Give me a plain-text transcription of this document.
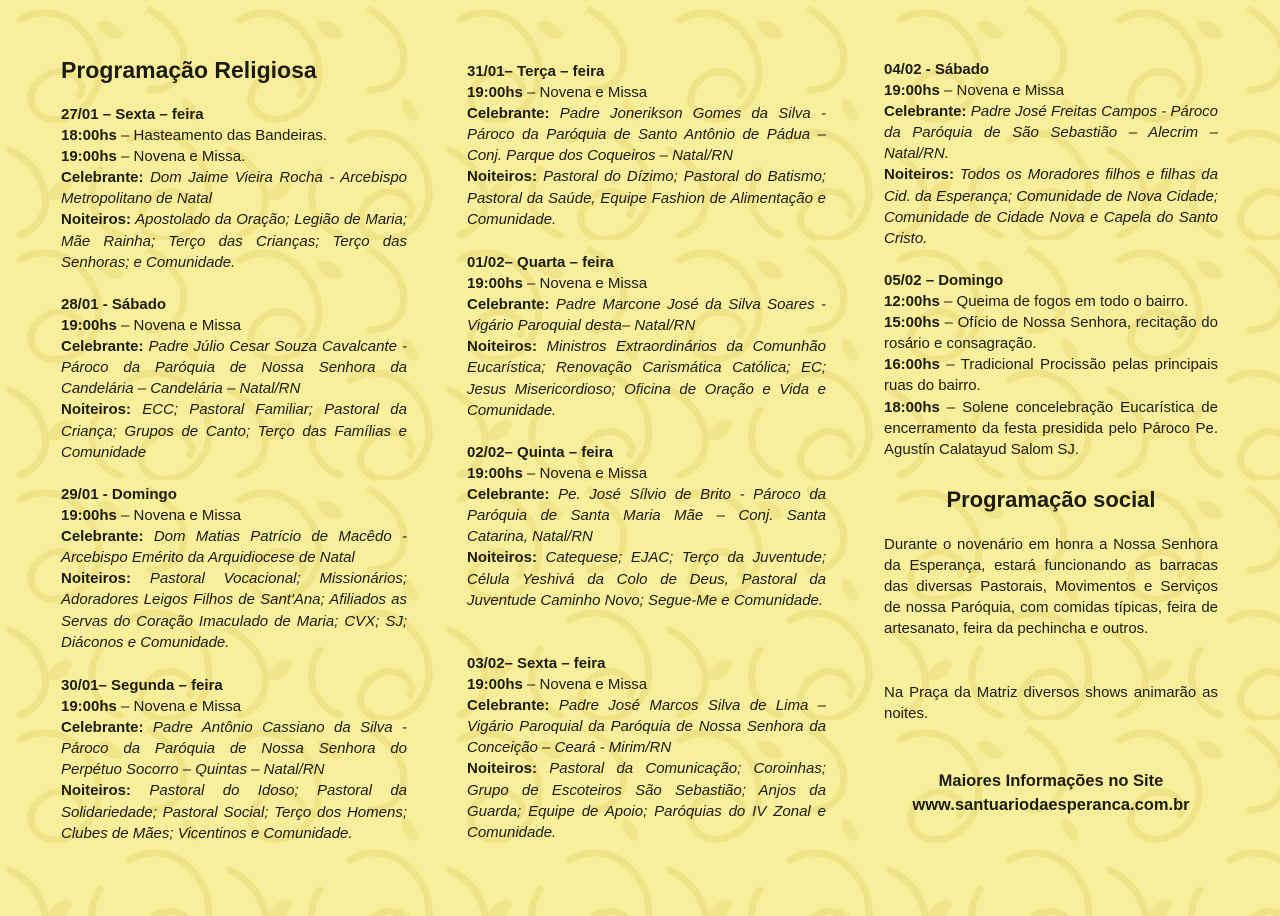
Programação Religiosa
27/01 – Sexta – feira
18:00hs – Hasteamento das Bandeiras.
19:00hs – Novena e Missa.

Celebrante: Dom Jaime Vieira Rocha - Arcebispo Metropolitano de Natal

Noiteiros: Apostolado da Oração; Legião de Maria; Mãe Rainha; Terço das Crianças; Terço das Senhoras; e Comunidade.

28/01 - Sábado
19:00hs – Novena e Missa

Celebrante: Padre Júlio Cesar Souza Cavalcante - Pároco da Paróquia de Nossa Senhora da Candelária – Candelária – Natal/RN

Noiteiros: ECC; Pastoral Familiar; Pastoral da Criança; Grupos de Canto; Terço das Famílias e Comunidade

29/01 - Domingo
19:00hs – Novena e Missa

Celebrante: Dom Matias Patrício de Macêdo - Arcebispo Emérito da Arquidiocese de Natal

Noiteiros: Pastoral Vocacional; Missionários; Adoradores Leigos Filhos de Sant'Ana; Afiliados as Servas do Coração Imaculado de Maria; CVX; SJ; Diáconos e Comunidade.

30/01– Segunda – feira
19:00hs – Novena e Missa

Celebrante: Padre Antônio Cassiano da Silva - Pároco da Paróquia de Nossa Senhora do Perpétuo Socorro – Quintas – Natal/RN

Noiteiros: Pastoral do Idoso; Pastoral da Solidariedade; Pastoral Social; Terço dos Homens; Clubes de Mães; Vicentinos e Comunidade.

31/01– Terça – feira
19:00hs – Novena e Missa

Celebrante: Padre Jonerikson Gomes da Silva - Pároco da Paróquia de Santo Antônio de Pádua – Conj. Parque dos Coqueiros – Natal/RN

Noiteiros: Pastoral do Dízimo; Pastoral do Batismo; Pastoral da Saúde, Equipe Fashion de Alimentação e Comunidade.

01/02– Quarta – feira
19:00hs – Novena e Missa

Celebrante: Padre Marcone José da Silva Soares - Vigário Paroquial desta– Natal/RN

Noiteiros: Ministros Extraordinários da Comunhão Eucarística; Renovação Carismática Católica; EC; Jesus Misericordioso; Oficina de Oração e Vida e Comunidade.

02/02– Quinta – feira
19:00hs – Novena e Missa

Celebrante: Pe. José Sílvio de Brito - Pároco da Paróquia de Santa Maria Mãe – Conj. Santa Catarina, Natal/RN

Noiteiros: Catequese; EJAC; Terço da Juventude; Célula Yeshivá da Colo de Deus, Pastoral da Juventude Caminho Novo; Segue-Me e Comunidade.

03/02– Sexta – feira
19:00hs – Novena e Missa

Celebrante: Padre José Marcos Silva de Lima – Vigário Paroquial da Paróquia de Nossa Senhora da Conceição – Ceará - Mirim/RN

Noiteiros: Pastoral da Comunicação; Coroinhas; Grupo de Escoteiros São Sebastião; Anjos da Guarda; Equipe de Apoio; Paróquias do IV Zonal e Comunidade.

04/02 - Sábado
19:00hs – Novena e Missa

Celebrante: Padre José Freitas Campos - Pároco da Paróquia de São Sebastião – Alecrim – Natal/RN.

Noiteiros: Todos os Moradores filhos e filhas da Cid. da Esperança; Comunidade de Nova Cidade; Comunidade de Cidade Nova e Capela do Santo Cristo.

05/02 – Domingo

12:00hs – Queima de fogos em todo o bairro.

15:00hs – Ofício de Nossa Senhora, recitação do rosário e consagração.

16:00hs – Tradicional Procissão pelas principais ruas do bairro.

18:00hs – Solene concelebração Eucarística de encerramento da festa presidida pelo Pároco Pe. Agustín Calatayud Salom SJ.

Programação social

Durante o novenário em honra a Nossa Senhora da Esperança, estará funcionando as barracas das diversas Pastorais, Movimentos e Serviços de nossa Paróquia, com comidas típicas, feira de artesanato, feira da pechincha e outros.

Na Praça da Matriz diversos shows animarão as noites.

Maiores Informações no Site
www.santuariodaesperanca.com.br
